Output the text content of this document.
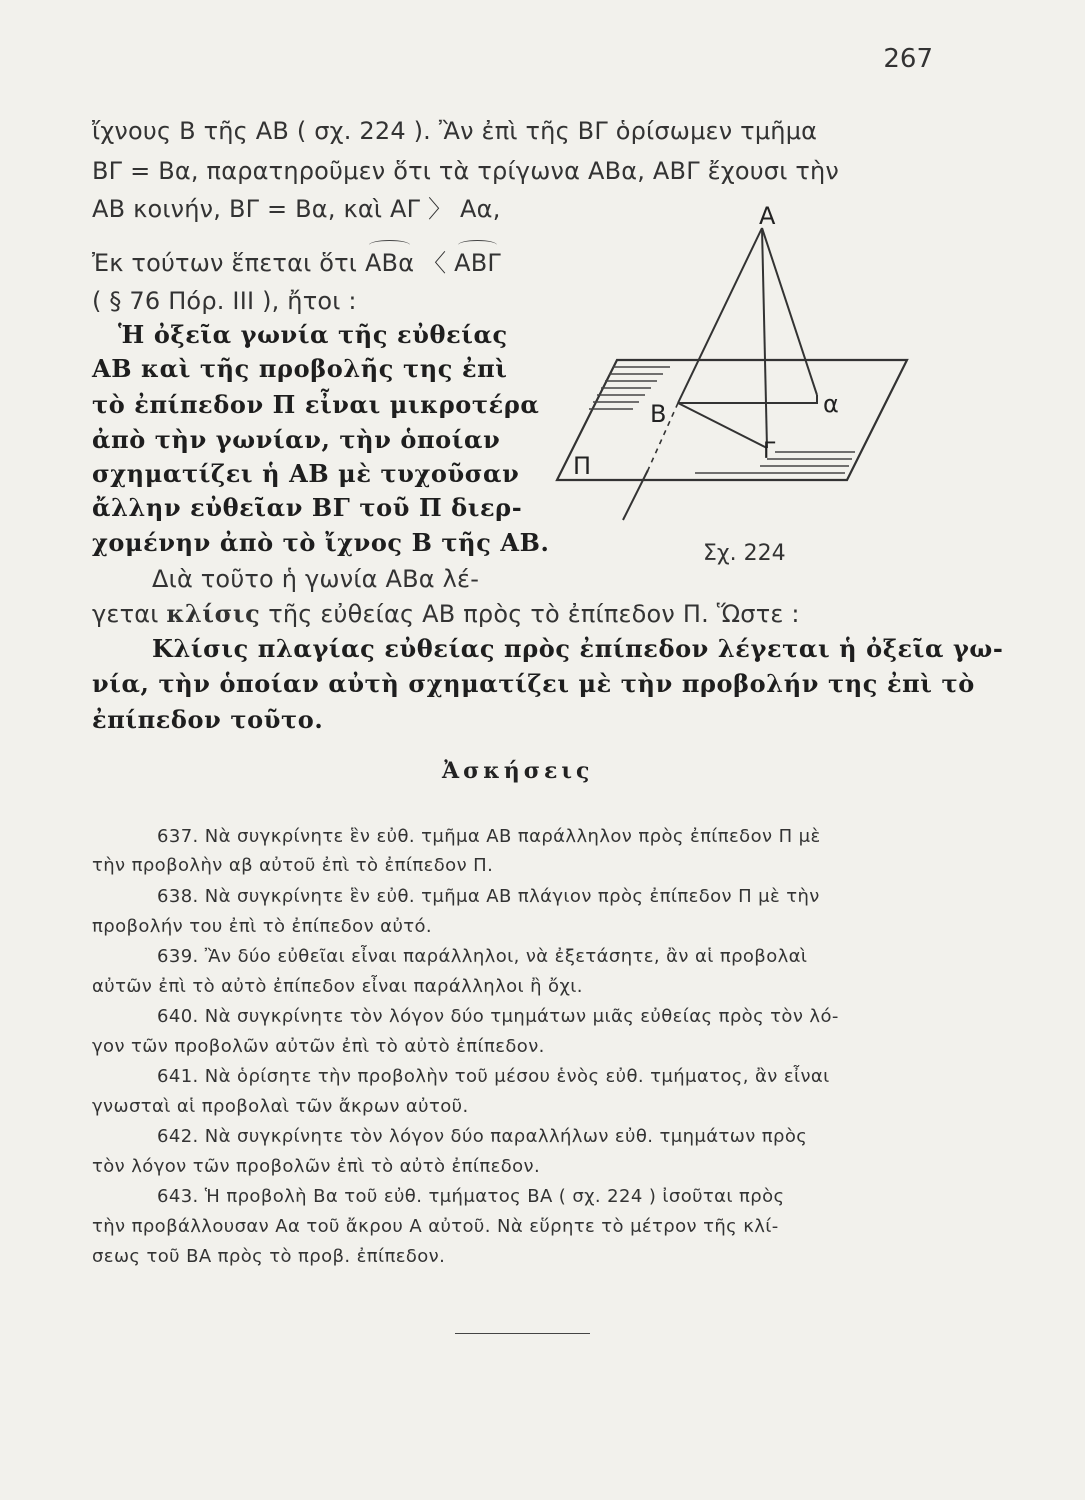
267
ἴχνους Β τῆς ΑΒ ( σχ. 224 ). Ἂν ἐπὶ τῆς ΒΓ ὁρίσωμεν τμῆμα
ΒΓ = Βα, παρατηροῦμεν ὅτι τὰ τρίγωνα ΑΒα, ΑΒΓ ἔχουσι τὴν
ΑΒ κοινήν, ΒΓ = Βα, καὶ ΑΓ 〉 Αα,
Ἐκ τούτων ἕπεται ὅτι ΑΒα 〈 ΑΒΓ
( § 76 Πόρ. ΙΙΙ ), ἤτοι :
Ἡ ὀξεῖα γωνία τῆς εὐθείας
ΑΒ καὶ τῆς προβολῆς της ἐπὶ
τὸ ἐπίπεδον Π εἶναι μικροτέρα
ἀπὸ τὴν γωνίαν, τὴν ὁποίαν
σχηματίζει ἡ ΑΒ μὲ τυχοῦσαν
ἄλλην εὐθεῖαν ΒΓ τοῦ Π διερ-
χομένην ἀπὸ τὸ ἴχνος Β τῆς ΑΒ.
Διὰ τοῦτο ἡ γωνία ΑΒα λέ-
γεται κλίσις τῆς εὐθείας ΑΒ πρὸς τὸ ἐπίπεδον Π. Ὥστε :
Κλίσις πλαγίας εὐθείας πρὸς ἐπίπεδον λέγεται ἡ ὀξεῖα γω-
νία, τὴν ὁποίαν αὐτὴ σχηματίζει μὲ τὴν προβολήν της ἐπὶ τὸ
ἐπίπεδον τοῦτο.
Α
Β	α
Γ
Π
Σχ. 224
Ἀσκήσεις
637. Νὰ συγκρίνητε ἓν εὐθ. τμῆμα ΑΒ παράλληλον πρὸς ἐπίπεδον Π μὲ
τὴν προβολὴν αβ αὐτοῦ ἐπὶ τὸ ἐπίπεδον Π.
638. Νὰ συγκρίνητε ἓν εὐθ. τμῆμα ΑΒ πλάγιον πρὸς ἐπίπεδον Π μὲ τὴν
προβολήν του ἐπὶ τὸ ἐπίπεδον αὐτό.
639. Ἂν δύο εὐθεῖαι εἶναι παράλληλοι, νὰ ἐξετάσητε, ἂν αἱ προβολαὶ
αὐτῶν ἐπὶ τὸ αὐτὸ ἐπίπεδον εἶναι παράλληλοι ἢ ὄχι.
640. Νὰ συγκρίνητε τὸν λόγον δύο τμημάτων μιᾶς εὐθείας πρὸς τὸν λό-
γον τῶν προβολῶν αὐτῶν ἐπὶ τὸ αὐτὸ ἐπίπεδον.
641. Νὰ ὁρίσητε τὴν προβολὴν τοῦ μέσου ἑνὸς εὐθ. τμήματος, ἂν εἶναι
γνωσταὶ αἱ προβολαὶ τῶν ἄκρων αὐτοῦ.
642. Νὰ συγκρίνητε τὸν λόγον δύο παραλλήλων εὐθ. τμημάτων πρὸς
τὸν λόγον τῶν προβολῶν ἐπὶ τὸ αὐτὸ ἐπίπεδον.
643. Ἡ προβολὴ Βα τοῦ εὐθ. τμήματος ΒΑ ( σχ. 224 ) ἰσοῦται πρὸς
τὴν προβάλλουσαν Αα τοῦ ἄκρου Α αὐτοῦ. Νὰ εὕρητε τὸ μέτρον τῆς κλί-
σεως τοῦ ΒΑ πρὸς τὸ προβ. ἐπίπεδον.
